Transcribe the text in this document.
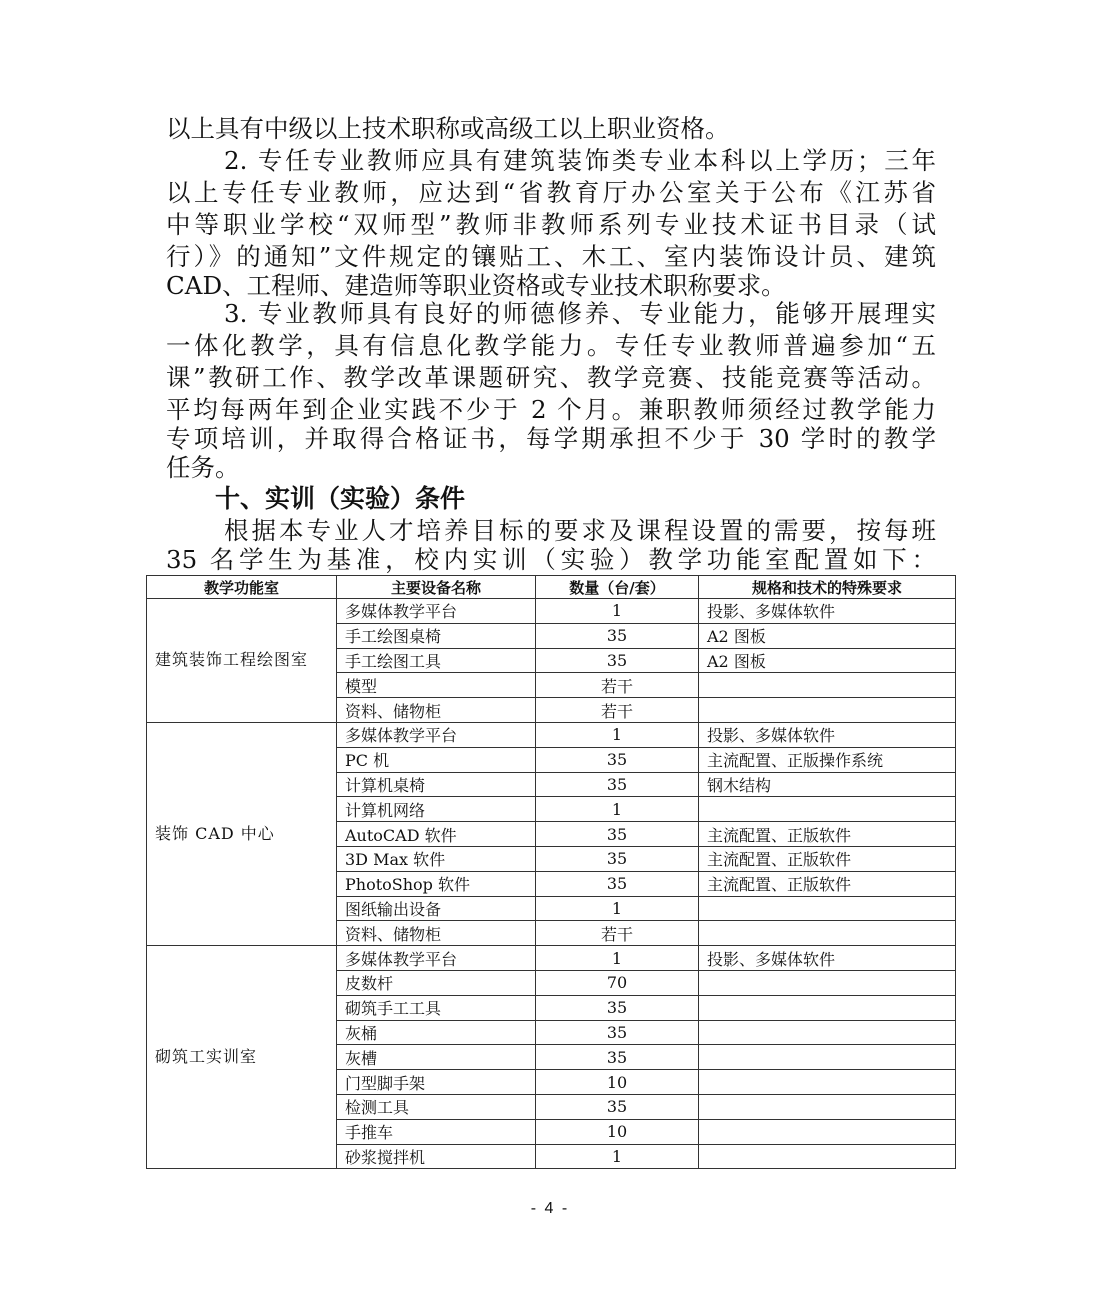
以上具有中级以上技术职称或高级工以上职业资格。
2. 专任专业教师应具有建筑装饰类专业本科以上学历；三年
以上专任专业教师，应达到“省教育厅办公室关于公布《江苏省
中等职业学校“双师型”教师非教师系列专业技术证书目录（试
行）》的通知”文件规定的镶贴工、木工、室内装饰设计员、建筑
CAD、工程师、建造师等职业资格或专业技术职称要求。
3. 专业教师具有良好的师德修养、专业能力，能够开展理实
一体化教学，具有信息化教学能力。专任专业教师普遍参加“五
课”教研工作、教学改革课题研究、教学竞赛、技能竞赛等活动。
平均每两年到企业实践不少于 2 个月。兼职教师须经过教学能力
专项培训，并取得合格证书，每学期承担不少于 30 学时的教学
任务。
十、实训（实验）条件
根据本专业人才培养目标的要求及课程设置的需要，按每班
35 名学生为基准，校内实训（实验）教学功能室配置如下：
教学功能室	主要设备名称	数量（台/套）	规格和技术的特殊要求
建筑装饰工程绘图室	多媒体教学平台	1	投影、多媒体软件
	手工绘图桌椅	35	A2 图板
	手工绘图工具	35	A2 图板
	模型	若干	
	资料、储物柜	若干	
装饰 CAD 中心	多媒体教学平台	1	投影、多媒体软件
	PC 机	35	主流配置、正版操作系统
	计算机桌椅	35	钢木结构
	计算机网络	1	
	AutoCAD 软件	35	主流配置、正版软件
	3D Max 软件	35	主流配置、正版软件
	PhotoShop 软件	35	主流配置、正版软件
	图纸输出设备	1	
	资料、储物柜	若干	
砌筑工实训室	多媒体教学平台	1	投影、多媒体软件
	皮数杆	70	
	砌筑手工工具	35	
	灰桶	35	
	灰槽	35	
	门型脚手架	10	
	检测工具	35	
	手推车	10	
	砂浆搅拌机	1	
- 4 -
